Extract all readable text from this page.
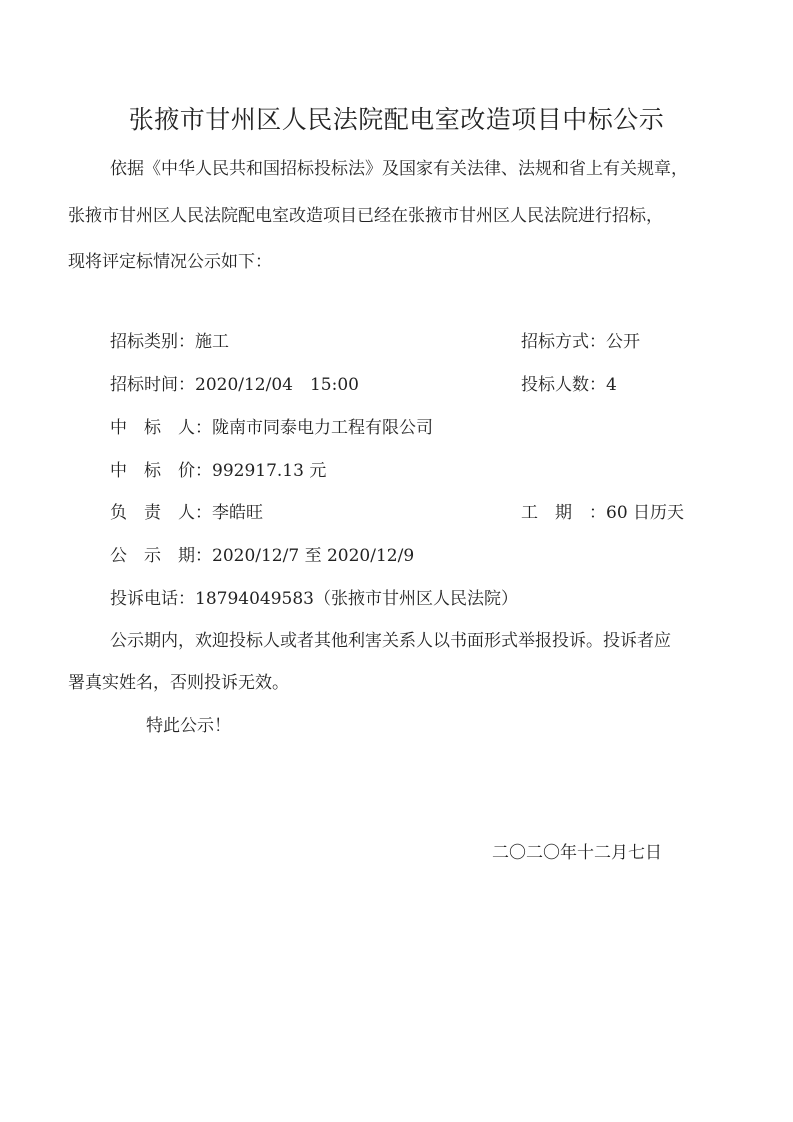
张掖市甘州区人民法院配电室改造项目中标公示
依据《中华人民共和国招标投标法》及国家有关法律、法规和省上有关规章，
张掖市甘州区人民法院配电室改造项目已经在张掖市甘州区人民法院进行招标，
现将评定标情况公示如下：
招标类别：施工	招标方式：公开
招标时间：2020/12/04　15:00	投标人数：4
中　标　人：陇南市同泰电力工程有限公司
中　标　价：992917.13 元
负　责　人：李皓旺	工　期　：60 日历天
公　示　期：2020/12/7 至 2020/12/9
投诉电话：18794049583（张掖市甘州区人民法院）
公示期内，欢迎投标人或者其他利害关系人以书面形式举报投诉。投诉者应
署真实姓名，否则投诉无效。
特此公示！
二〇二〇年十二月七日
